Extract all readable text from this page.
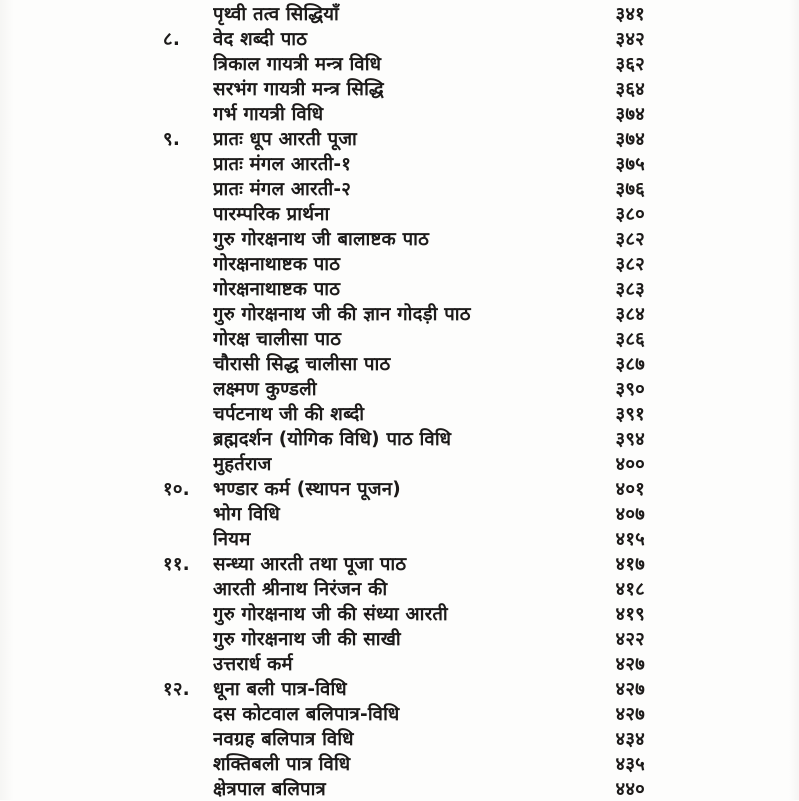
पृथ्वी तत्व सिद्धियाँ	३४१
८.	वेद शब्दी पाठ	३४२
त्रिकाल गायत्री मन्त्र विधि	३६२
सरभंग गायत्री मन्त्र सिद्धि	३६४
गर्भ गायत्री विधि	३७४
९.	प्रातः धूप आरती पूजा	३७४
प्रातः मंगल आरती-१	३७५
प्रातः मंगल आरती-२	३७६
पारम्परिक प्रार्थना	३८०
गुरु गोरक्षनाथ जी बालाष्टक पाठ	३८२
गोरक्षनाथाष्टक पाठ	३८२
गोरक्षनाथाष्टक पाठ	३८३
गुरु गोरक्षनाथ जी की ज्ञान गोदड़ी पाठ	३८४
गोरक्ष चालीसा पाठ	३८६
चौरासी सिद्ध चालीसा पाठ	३८७
लक्ष्मण कुण्डली	३९०
चर्पटनाथ जी की शब्दी	३९१
ब्रह्मदर्शन (योगिक विधि) पाठ विधि	३९४
मुहर्तराज	४००
१०.	भण्डार कर्म (स्थापन पूजन)	४०१
भोग विधि	४०७
नियम	४१५
११.	सन्ध्या आरती तथा पूजा पाठ	४१७
आरती श्रीनाथ निरंजन की	४१८
गुरु गोरक्षनाथ जी की संध्या आरती	४१९
गुरु गोरक्षनाथ जी की साखी	४२२
उत्तरार्ध कर्म	४२७
१२.	धूना बली पात्र-विधि	४२७
दस कोटवाल बलिपात्र-विधि	४२७
नवग्रह बलिपात्र विधि	४३४
शक्तिबली पात्र विधि	४३५
क्षेत्रपाल बलिपात्र	४४०
